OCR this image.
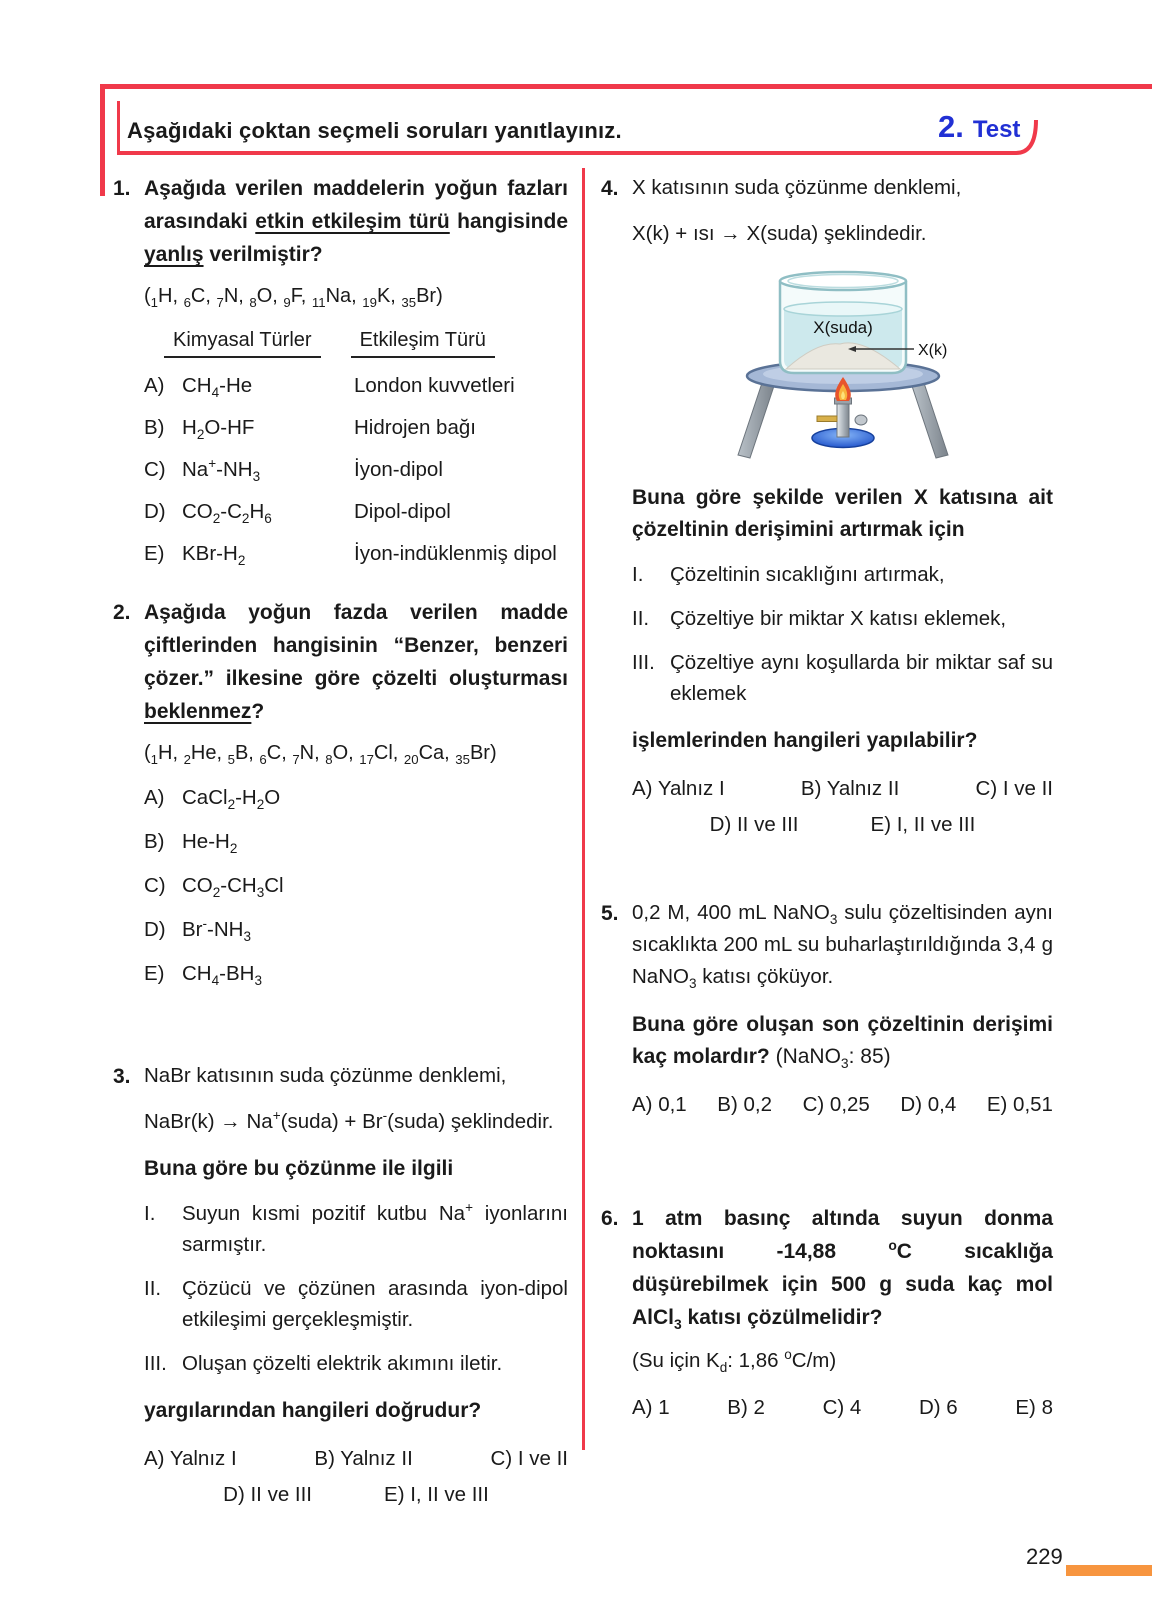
Aşağıdaki çoktan seçmeli soruları yanıtlayınız.	2. Test
1. Aşağıda verilen maddelerin yoğun fazları arasındaki etkin etkileşim türü hangisinde yanlış verilmiştir?

($_1H$, $_6$C, $_7$N, $_8$O, $_9$F, $_{11}$Na, $_{19}$K, $_{35}$Br)

Kimyasal Türler	Etkileşim Türü
A) $CH_4-He$	London kuvvetleri
B) $H_2O-HF$	Hidrojen bağı
C) $Na^+-NH_3$	İyon-dipol
D) $CO_2-C_2H_6$	Dipol-dipol
E) KBr-$H_2$	İyon-indüklenmiş dipol
2. Aşağıda yoğun fazda verilen madde çiftlerinden hangisinin “Benzer, benzeri çözer.” ilkesine göre çözelti oluşturması beklenmez?

($_1H$, $_2$He, $_5$B, $_6$C, $_7$N, $_8$O, $_{17}$Cl, $_{20}$Ca, $_{35}$Br)

A) $CaCl_2-H_2O$
B) $He-H_2$
C) $CO_2-CH_3Cl$
D) $Br^--NH_3$
E) $CH_4-BH_3$
3. NaBr katısının suda çözünme denklemi,

NaBr(k) → Na+(suda) + Br-(suda) şeklindedir.

Buna göre bu çözünme ile ilgili

I.	Suyun kısmi pozitif kutbu Na+ iyonlarını sarmıştır.
II.	Çözücü ve çözünen arasında iyon-dipol etkileşimi gerçekleşmiştir.
III. Oluşan çözelti elektrik akımını iletir.

yargılarından hangileri doğrudur?

A) Yalnız I	B) Yalnız II	C) I ve II
D) II ve III	E) I, II ve III
4. X katısının suda çözünme denklemi,

X(k) + ısı → X(suda) şeklindedir.

X(suda)
X(k)

Buna göre şekilde verilen X katısına ait çözeltinin derişimini artırmak için

I.	Çözeltinin sıcaklığını artırmak,
II.	Çözeltiye bir miktar X katısı eklemek,
III. Çözeltiye aynı koşullarda bir miktar saf su eklemek

işlemlerinden hangileri yapılabilir?

A) Yalnız I	B) Yalnız II	C) I ve II
D) II ve III	E) I, II ve III
5. 0,2 M, 400 mL NaNO$_3$ sulu çözeltisinden aynı sıcaklıkta 200 mL su buharlaştırıldığında 3,4 g NaNO$_3$ katısı çöküyor.

Buna göre oluşan son çözeltinin derişimi kaç molardır? (NaNO$_3$: 85)

A) 0,1 B) 0,2 C) 0,25 D) 0,4 E) 0,51
6. 1 atm basınç altında suyun donma noktasını -14,88 $^o$C sıcaklığa düşürebilmek için 500 g suda kaç mol AlCl$_3$ katısı çözülmelidir?

(Su için $K_d$: 1,86 $^o$C/m)

A) 1	B) 2	C) 4	D) 6	E) 8
229
